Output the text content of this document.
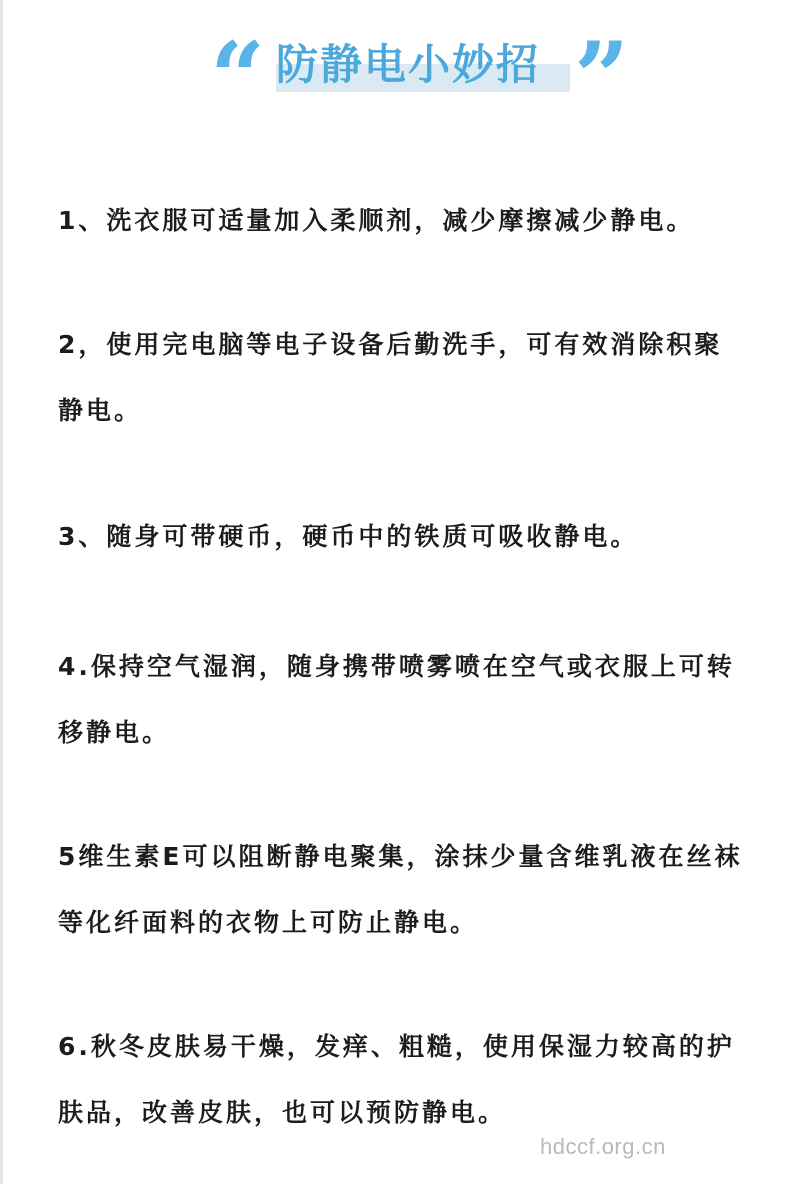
“ 防静电小妙招 ”
1、洗衣服可适量加入柔顺剂，减少摩擦减少静电。
2，使用完电脑等电子设备后勤洗手，可有效消除积聚静电。
3、随身可带硬币，硬币中的铁质可吸收静电。
4.保持空气湿润，随身携带喷雾喷在空气或衣服上可转移静电。
5维生素E可以阻断静电聚集，涂抹少量含维乳液在丝袜等化纤面料的衣物上可防止静电。
6.秋冬皮肤易干燥，发痒、粗糙，使用保湿力较高的护肤品，改善皮肤，也可以预防静电。
hdccf.org.cn
